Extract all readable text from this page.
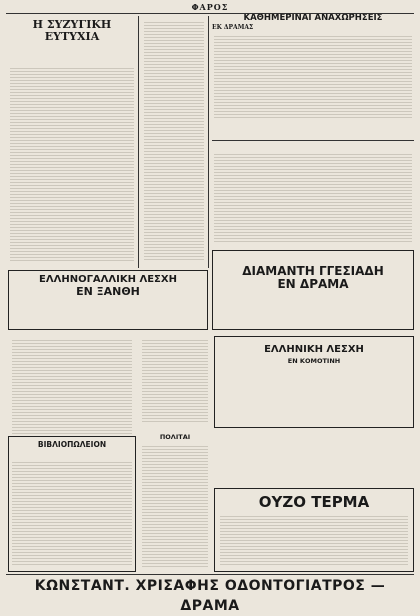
ΦΑΡΟΣ
Η ΣΥΖΥΓΙΚΗ ΕΥΤΥΧΙΑ
ΚΑΘΗΜΕΡΙΝΑΙ ΑΝΑΧΩΡΗΣΕΙΣ
ΕΚ ΔΡΑΜΑΣ
ΕΛΛΗΝΟΓΑΛΛΙΚΗ ΛΕΣΧΗ
ΕΝ ΞΑΝΘΗ
ΔΙΑΜΑΝΤΗ ΓΓΕΣΙΑΔΗ
ΕΝ ΔΡΑΜΑ
ΒΙΒΛΙΟΠΩΛΕΙΟΝ
ΠΟΛΙΤΑΙ
ΕΛΛΗΝΙΚΗ ΛΕΣΧΗ
ΕΝ ΚΟΜΟΤΙΝΗ
ΟΥΖΟ ΤΕΡΜΑ
ΚΩΝΣΤΑΝΤ. ΧΡΙΣΑΦΗΣ ΟΔΟΝΤΟΓΙΑΤΡΟΣ — ΔΡΑΜΑ
